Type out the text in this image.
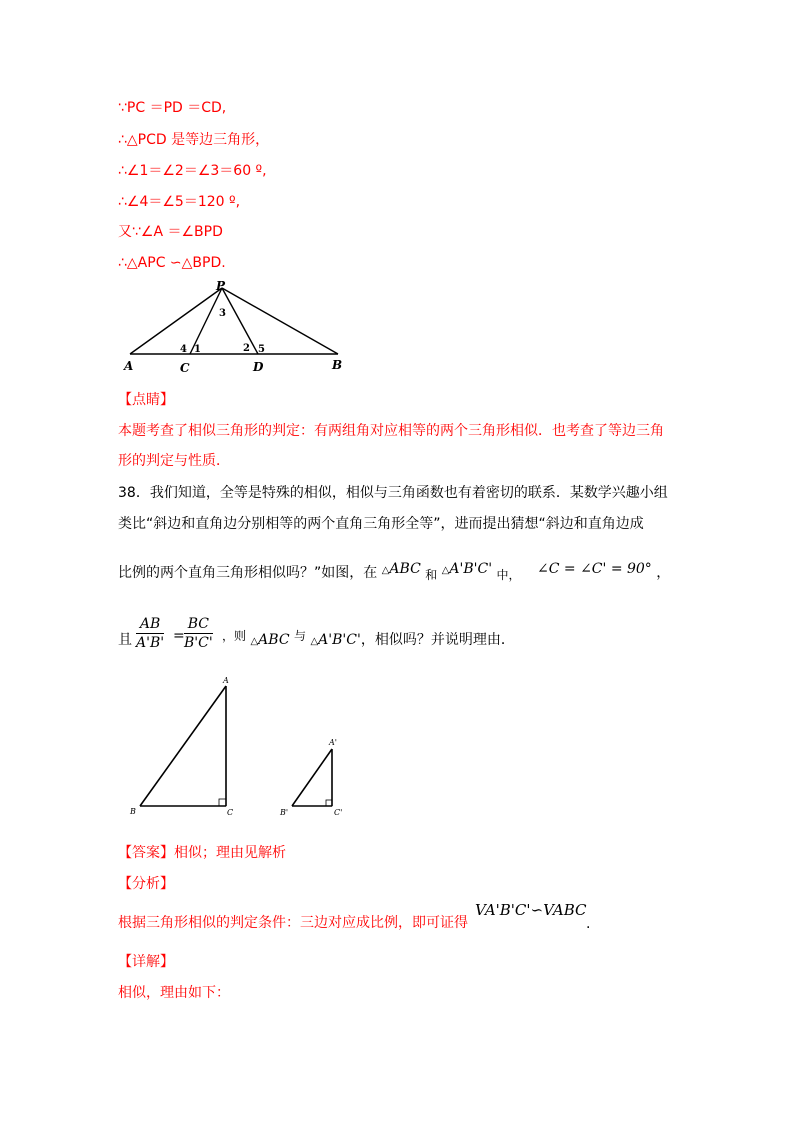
∵PC ＝PD ＝CD,
∴△PCD 是等边三角形，
∴∠1＝∠2＝∠3＝60 º,
∴∠4＝∠5＝120 º,
又∵∠A ＝∠BPD
∴△APC ∽△BPD.
P
A	C	D	B
3
4 1	2 5
【点睛】
本题考查了相似三角形的判定：有两组角对应相等的两个三角形相似．也考查了等边三角
形的判定与性质．
38．我们知道，全等是特殊的相似，相似与三角函数也有着密切的联系．某数学兴趣小组
类比“斜边和直角边分别相等的两个直角三角形全等”，进而提出猜想“斜边和直角边成
比例的两个直角三角形相似吗？”如图，在 △ABC 和 △A'B'C' 中， ∠C = ∠C' = 90° ，
且 $\frac{AB}{A'B'} = \frac{BC}{B'C'}$ ，则 △ABC 与 △A'B'C'，相似吗？并说明理由．
A
B	C
A'
B'	C'
【答案】相似；理由见解析
【分析】
根据三角形相似的判定条件：三边对应成比例，即可证得
VA'B'C'∽VABC
.
【详解】
相似，理由如下：
